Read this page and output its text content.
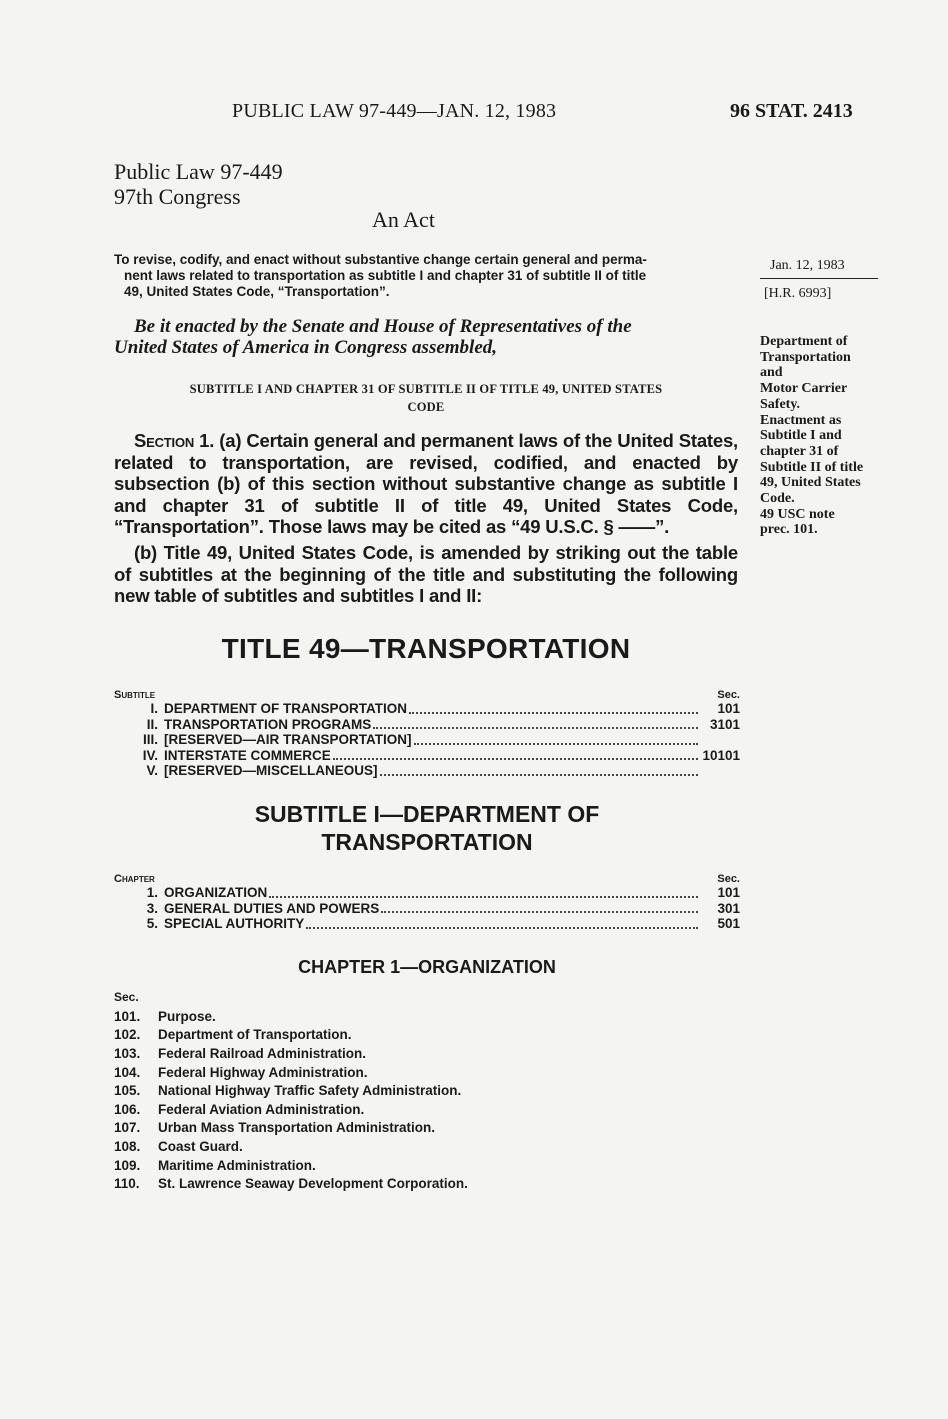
PUBLIC LAW 97-449—JAN. 12, 1983	96 STAT. 2413
Public Law 97-449
97th Congress
An Act
To revise, codify, and enact without substantive change certain general and perma-
nent laws related to transportation as subtitle I and chapter 31 of subtitle II of title
49, United States Code, “Transportation”.
Jan. 12, 1983
[H.R. 6993]
Be it enacted by the Senate and House of Representatives of the
United States of America in Congress assembled,
SUBTITLE I AND CHAPTER 31 OF SUBTITLE II OF TITLE 49, UNITED STATES
CODE
Department of
Transportation
and
Motor Carrier
Safety.
Enactment as
Subtitle I and
chapter 31 of
Subtitle II of title
49, United States
Code.
49 USC note
prec. 101.

Section 1. (a) Certain general and permanent laws of the United States, related to transportation, are revised, codified, and enacted by subsection (b) of this section without substantive change as subtitle I and chapter 31 of subtitle II of title 49, United States Code, “Transportation”. Those laws may be cited as “49 U.S.C. § ——”.

(b) Title 49, United States Code, is amended by striking out the table of subtitles at the beginning of the title and substituting the following new table of subtitles and subtitles I and II:

TITLE 49—TRANSPORTATION
Subtitle	Sec.
I. DEPARTMENT OF TRANSPORTATION	101
II. TRANSPORTATION PROGRAMS	3101
III. [RESERVED—AIR TRANSPORTATION]
IV. INTERSTATE COMMERCE	10101
V. [RESERVED—MISCELLANEOUS]
SUBTITLE I—DEPARTMENT OF
TRANSPORTATION
Chapter	Sec.
1. ORGANIZATION	101
3. GENERAL DUTIES AND POWERS	301
5. SPECIAL AUTHORITY	501
CHAPTER 1—ORGANIZATION
Sec.
101.	Purpose.
102.	Department of Transportation.
103.	Federal Railroad Administration.
104.	Federal Highway Administration.
105.	National Highway Traffic Safety Administration.
106.	Federal Aviation Administration.
107.	Urban Mass Transportation Administration.
108.	Coast Guard.
109.	Maritime Administration.
110.	St. Lawrence Seaway Development Corporation.
